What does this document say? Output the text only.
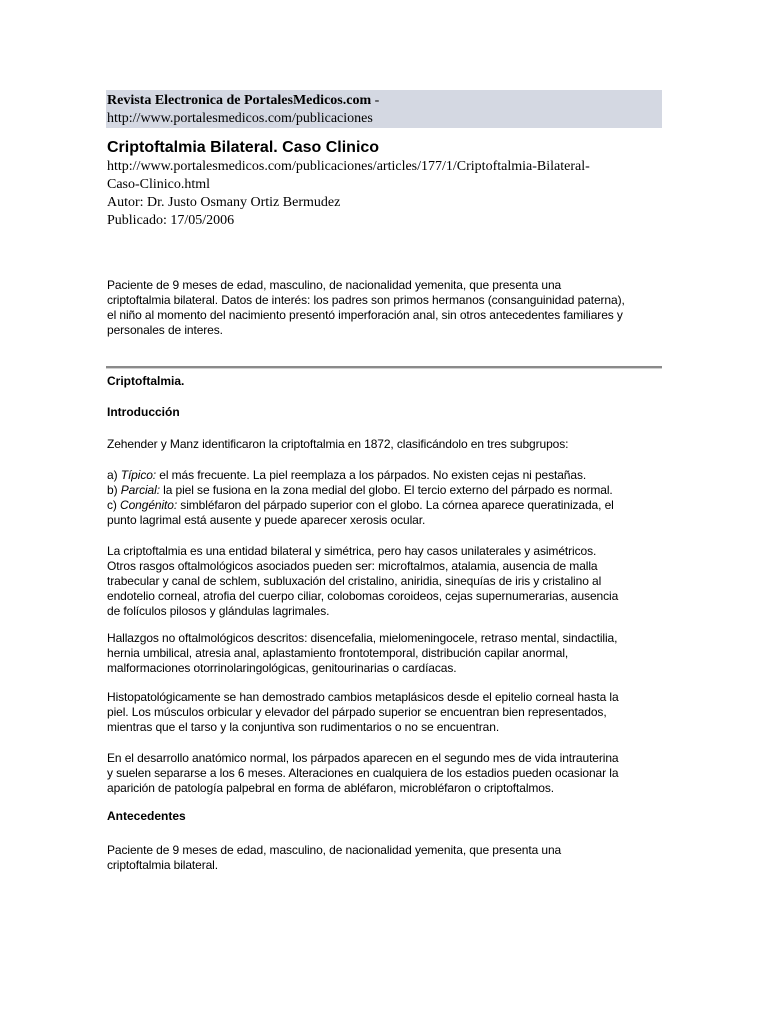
Revista Electronica de PortalesMedicos.com -
http://www.portalesmedicos.com/publicaciones
Criptoftalmia Bilateral. Caso Clinico
http://www.portalesmedicos.com/publicaciones/articles/177/1/Criptoftalmia-Bilateral-
Caso-Clinico.html
Autor: Dr. Justo Osmany Ortiz Bermudez
Publicado: 17/05/2006
Paciente de 9 meses de edad, masculino, de nacionalidad yemenita, que presenta una
criptoftalmia bilateral. Datos de interés: los padres son primos hermanos (consanguinidad paterna),
el niño al momento del nacimiento presentó imperforación anal, sin otros antecedentes familiares y
personales de interes.
Criptoftalmia.
Introducción
Zehender y Manz identificaron la criptoftalmia en 1872, clasificándolo en tres subgrupos:
a) Típico: el más frecuente. La piel reemplaza a los párpados. No existen cejas ni pestañas.
b) Parcial: la piel se fusiona en la zona medial del globo. El tercio externo del párpado es normal.
c) Congénito: simbléfaron del párpado superior con el globo. La córnea aparece queratinizada, el
punto lagrimal está ausente y puede aparecer xerosis ocular.
La criptoftalmia es una entidad bilateral y simétrica, pero hay casos unilaterales y asimétricos.
Otros rasgos oftalmológicos asociados pueden ser: microftalmos, atalamia, ausencia de malla
trabecular y canal de schlem, subluxación del cristalino, aniridia, sinequías de iris y cristalino al
endotelio corneal, atrofia del cuerpo ciliar, colobomas coroideos, cejas supernumerarias, ausencia
de folículos pilosos y glándulas lagrimales.
Hallazgos no oftalmológicos descritos: disencefalia, mielomeningocele, retraso mental, sindactilia,
hernia umbilical, atresia anal, aplastamiento frontotemporal, distribución capilar anormal,
malformaciones otorrinolaringológicas, genitourinarias o cardíacas.
Histopatológicamente se han demostrado cambios metaplásicos desde el epitelio corneal hasta la
piel. Los músculos orbicular y elevador del párpado superior se encuentran bien representados,
mientras que el tarso y la conjuntiva son rudimentarios o no se encuentran.
En el desarrollo anatómico normal, los párpados aparecen en el segundo mes de vida intrauterina
y suelen separarse a los 6 meses. Alteraciones en cualquiera de los estadios pueden ocasionar la
aparición de patología palpebral en forma de abléfaron, microbléfaron o criptoftalmos.
Antecedentes
Paciente de 9 meses de edad, masculino, de nacionalidad yemenita, que presenta una
criptoftalmia bilateral.
